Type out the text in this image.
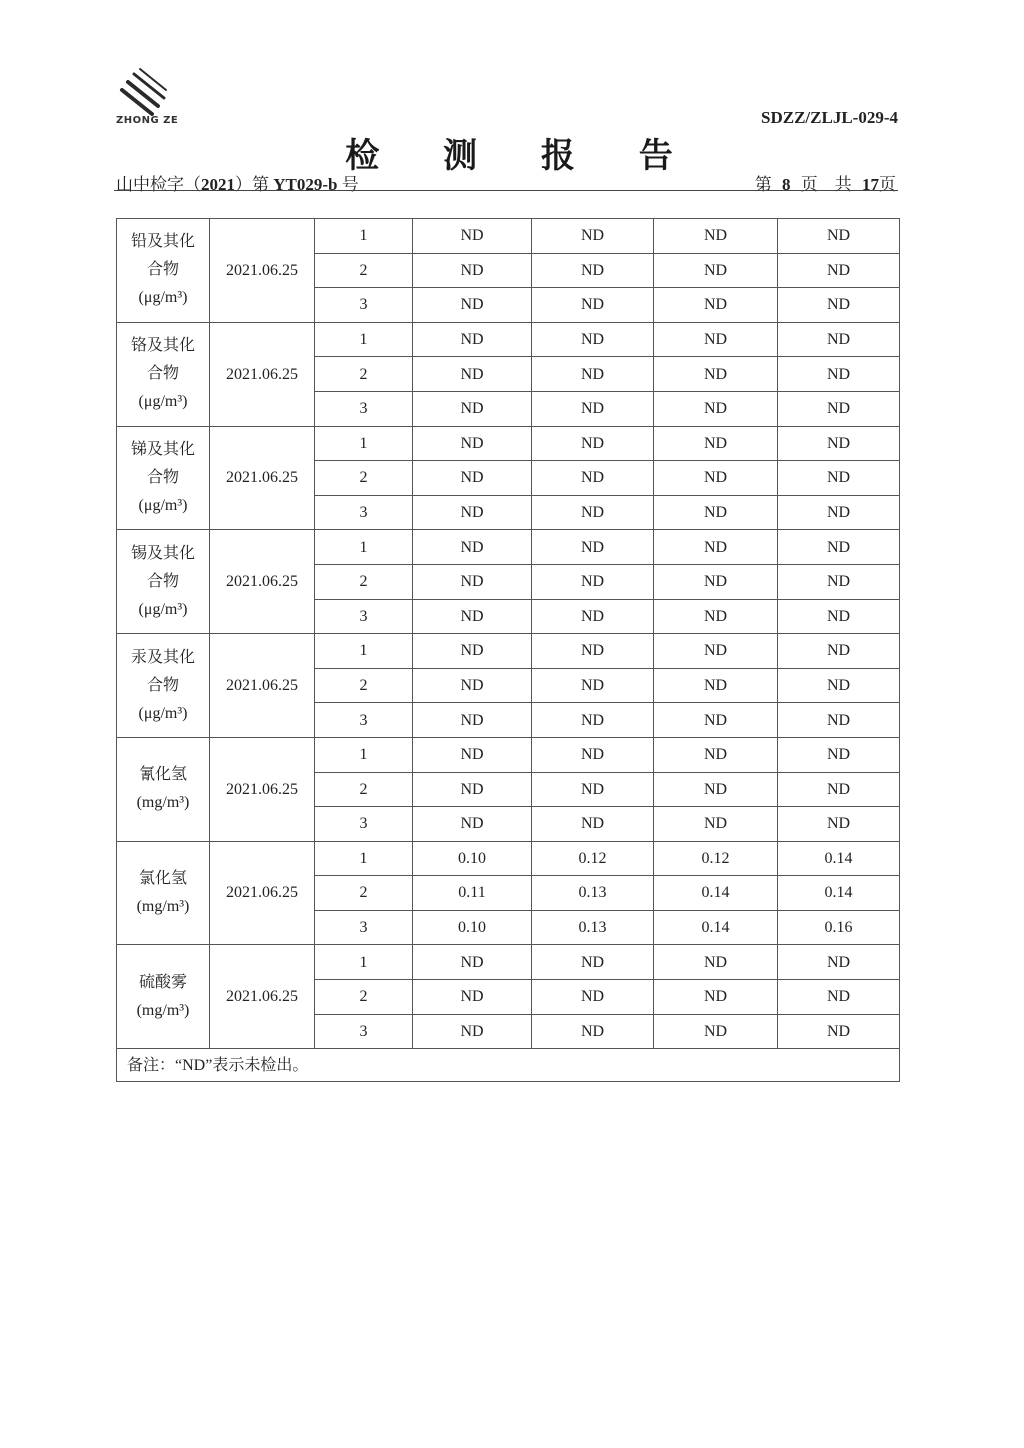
ZHONG ZE	SDZZ/ZLJL-029-4
检 测 报 告
山中检字（2021）第 YT029-b 号	第 8 页　共 17页
铅及其化
合物
(μg/m³)	2021.06.25	1	ND	ND	ND	ND
		2	ND	ND	ND	ND
		3	ND	ND	ND	ND

铬及其化
合物
(μg/m³)	2021.06.25	1	ND	ND	ND	ND
		2	ND	ND	ND	ND
		3	ND	ND	ND	ND

锑及其化
合物
(μg/m³)	2021.06.25	1	ND	ND	ND	ND
		2	ND	ND	ND	ND
		3	ND	ND	ND	ND

锡及其化
合物
(μg/m³)	2021.06.25	1	ND	ND	ND	ND
		2	ND	ND	ND	ND
		3	ND	ND	ND	ND

汞及其化
合物
(μg/m³)	2021.06.25	1	ND	ND	ND	ND
		2	ND	ND	ND	ND
		3	ND	ND	ND	ND

氰化氢
(mg/m³)	2021.06.25	1	ND	ND	ND	ND
		2	ND	ND	ND	ND
		3	ND	ND	ND	ND

氯化氢
(mg/m³)	2021.06.25	1	0.10	0.12	0.12	0.14
		2	0.11	0.13	0.14	0.14
		3	0.10	0.13	0.14	0.16

硫酸雾
(mg/m³)	2021.06.25	1	ND	ND	ND	ND
		2	ND	ND	ND	ND
		3	ND	ND	ND	ND
备注：“ND”表示未检出。						
